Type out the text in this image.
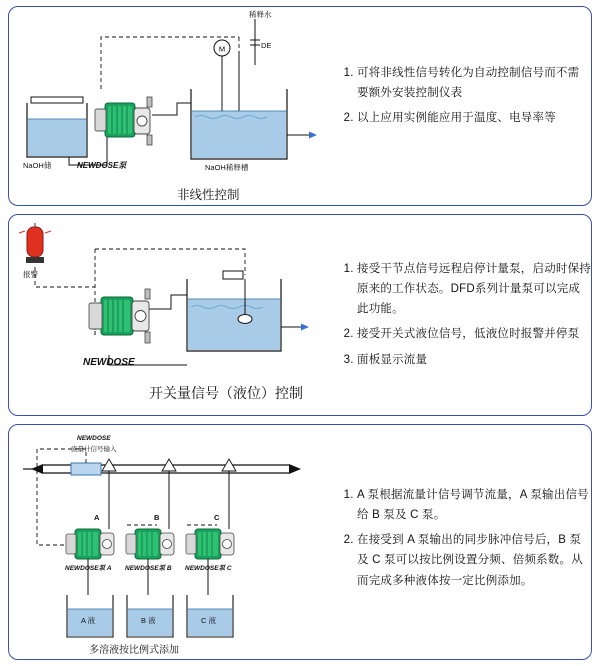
M
稀释水
DE
NaOH储	NEWDOSE泵	NaOH稀释槽
非线性控制
1. 可将非线性信号转化为自动控制信号而不需要额外安装控制仪表
2. 以上应用实例能应用于温度、电导率等
报警
NEWDOSE
开关量信号（液位）控制
1. 接受干节点信号远程启停计量泵，启动时保持原来的工作状态。DFD系列计量泵可以完成此功能。
2. 接受开关式液位信号，低液位时报警并停泵
3. 面板显示流量
NEWDOSE
流量计信号输入
A	B	C
NEWDOSE泵 A NEWDOSE泵 B NEWDOSE泵 C
A 液	B 液	C 液
多溶液按比例式添加
1. A 泵根据流量计信号调节流量，A 泵输出信号给 B 泵及 C 泵。
2. 在接受到 A 泵输出的同步脉冲信号后，B 泵及 C 泵可以按比例设置分频、倍频系数。从而完成多种液体按一定比例添加。
